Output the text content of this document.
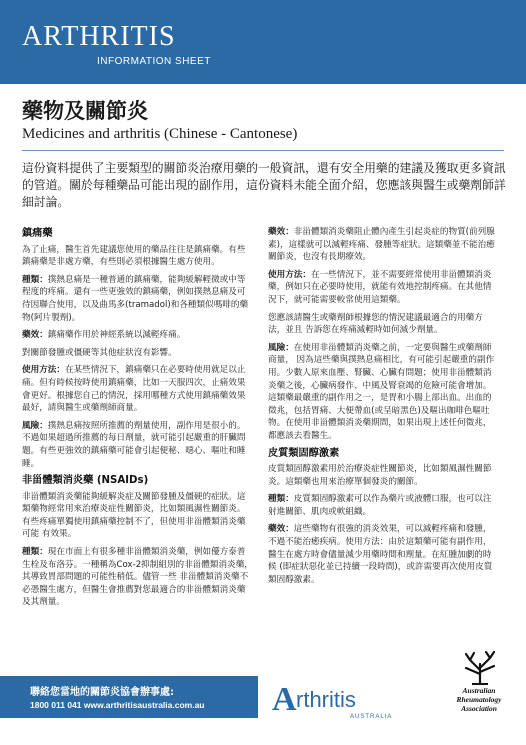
ARTHRITIS
INFORMATION SHEET
藥物及關節炎
Medicines and arthritis (Chinese - Cantonese)
這份資料提供了主要類型的關節炎治療用藥的一般資訊，還有安全用藥的建議及獲取更多資訊的管道。關於每種藥品可能出現的副作用，這份資料未能全面介紹，您應該與醫生或藥劑師詳細討論。
鎮痛藥

為了止痛，醫生首先建議您使用的藥品往往是鎮痛藥。有些鎮痛藥是非處方藥，有些則必須根據醫生處方使用。

種類：撲熱息痛是一種普通的鎮痛藥，能夠緩解輕微或中等程度的疼痛。還有一些更強效的鎮痛藥，例如撲熱息痛及可待因聯合使用，以及曲馬多(tramadol)和各種類似嗎啡的藥物(阿片製劑)。

藥效：鎮痛藥作用於神經系統以減輕疼痛。

對關節發腫或僵硬等其他症狀沒有影響。

使用方法：在某些情況下，鎮痛藥只在必要時使用就足以止痛。但有時候按時使用鎮痛藥，比如一天服四次，止痛效果會更好。根據您自己的情況，採用哪種方式使用鎮痛藥效果最好，請與醫生或藥劑師商量。

風險：撲熱息痛按照所推薦的劑量使用，副作用是很小的。不過如果超過所推薦的每日劑量，就可能引起嚴重的肝臟問題。有些更強效的鎮痛藥可能會引起便秘、噁心、嘔吐和睡睡。

非甾體類消炎藥 (NSAIDs)

非甾體類消炎藥能夠緩解炎症及關節發腫及僵硬的症狀。這類藥物經常用來治療炎症性關節炎，比如類風濕性關節炎。有些疼痛單獨使用鎮痛藥控制不了，但使用非甾體類消炎藥可能 有效果。

種類：現在市面上有很多種非甾體類消炎藥，例如優方泰普生栓及布洛芬。一種稱為Cox-2抑制組別的非甾體類消炎藥，其導致胃部問題的可能性稍低。儘管一些 非甾體類消炎藥不必憑醫生處方，但醫生會推薦對您最適合的非甾體類消炎藥及其劑量。

藥效：非甾體類消炎藥阻止體內產生引起炎症的物質(前列腺素)，這樣就可以減輕疼痛、發腫等症狀。這類藥並不能治癒關節炎，也沒有長期療效。

使用方法：在一些情況下，並不需要經常使用非甾體類消炎藥，例如只在必要時使用，就能有效地控制疼痛。在其他情況下，就可能需要較常使用這類藥。

您應該請醫生或藥劑師根據您的情況建議最適合的用藥方法，並且 告訴您在疼痛減輕時如何減少劑量。

風險：在使用非甾體類消炎藥之前，一定要與醫生或藥劑師商量， 因為這些藥與撲熱息痛相比，有可能引起嚴重的副作用。少數人原來血壓、腎臟、心臟有問題；使用非甾體類消炎藥之後，心臟病發作、中風及腎衰竭的危險可能會增加。這類藥最嚴重的副作用之一，是胃和小腸上部出血。出血的徵兆，包括胃痛、大便帶血(或呈暗黑色)及嘔出咖啡色嘔吐物。在使用非甾體類消炎藥期間，如果出現上述任何徵兆，都應該去看醫生。

皮質類固醇激素

皮質類固醇激素用於治療炎症性關節炎，比如類風濕性關節炎。這類藥也用來治療單個發炎的關節。

種類：皮質類固醇激素可以作為藥片或液體口服，也可以注射進關節、肌肉或軟組織。

藥效：這些藥物有很強的消炎效果，可以減輕疼痛和發腫，不過不能治癒疾病。使用方法：由於這類藥可能有副作用，醫生在處方時會儘量減少用藥時間和劑量。在紅腫加劇的時候 (即症狀惡化並已持續一段時間)，或許需要再次使用皮質類固醇激素。

聯絡您當地的關節炎協會辦事處:
1800 011 041 www.arthritisaustralia.com.au A rthritis
AUSTRALIA
Australian
Rheumatology
Association
